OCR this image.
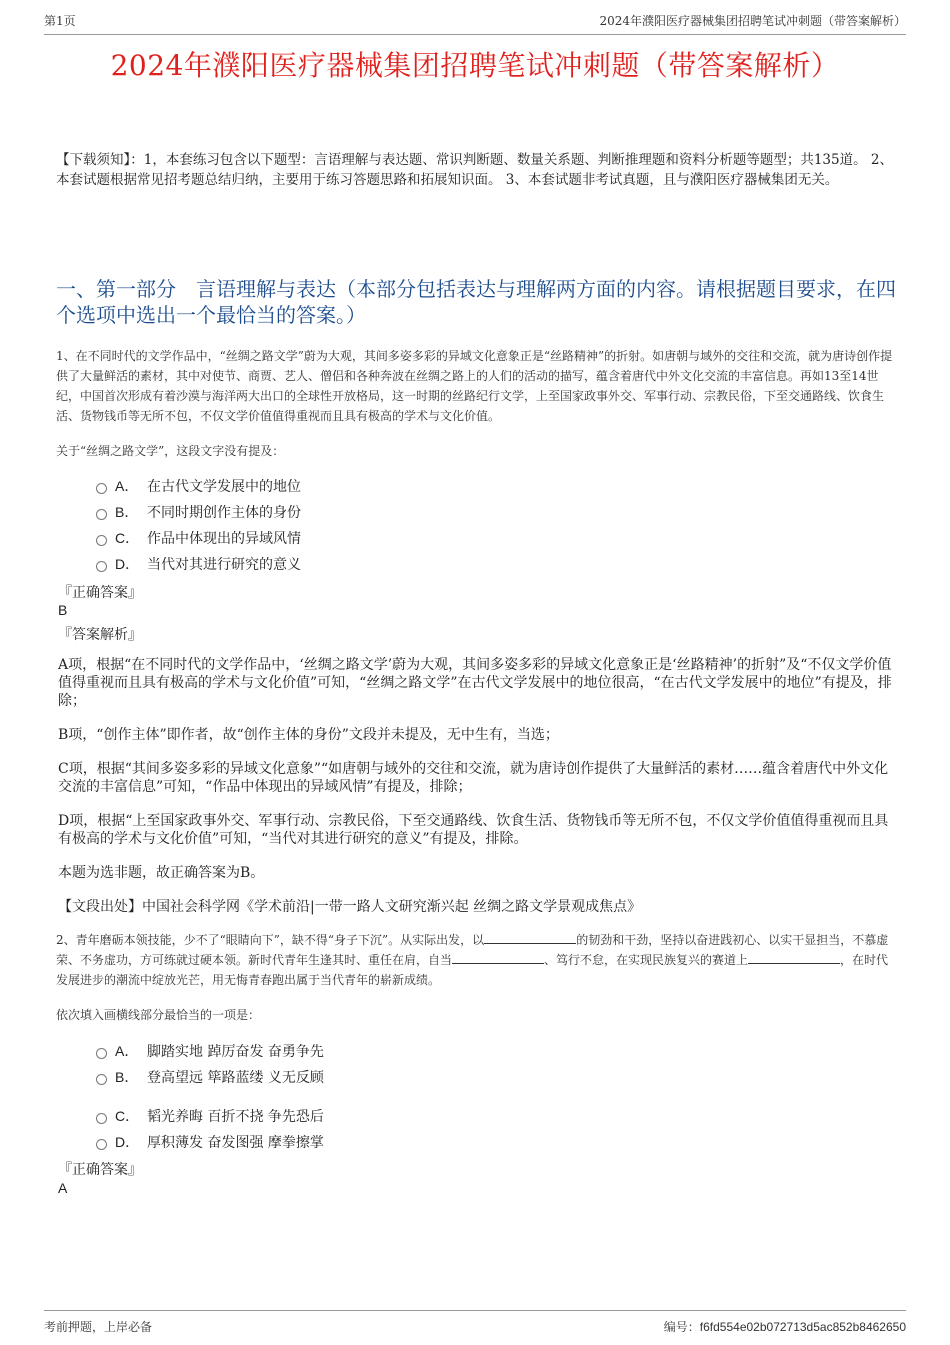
第1页	2024年濮阳医疗器械集团招聘笔试冲刺题（带答案解析）
2024年濮阳医疗器械集团招聘笔试冲刺题（带答案解析）
【下载须知】：1，本套练习包含以下题型：言语理解与表达题、常识判断题、数量关系题、判断推理题和资料分析题等题型；共135道。 2、本套试题根据常见招考题总结归纳，主要用于练习答题思路和拓展知识面。 3、本套试题非考试真题，且与濮阳医疗器械集团无关。
一、第一部分　言语理解与表达（本部分包括表达与理解两方面的内容。请根据题目要求，在四个选项中选出一个最恰当的答案。）
1、在不同时代的文学作品中，“丝绸之路文学”蔚为大观，其间多姿多彩的异域文化意象正是“丝路精神”的折射。如唐朝与域外的交往和交流，就为唐诗创作提供了大量鲜活的素材，其中对使节、商贾、艺人、僧侣和各种奔波在丝绸之路上的人们的活动的描写，蕴含着唐代中外文化交流的丰富信息。再如13至14世纪，中国首次形成有着沙漠与海洋两大出口的全球性开放格局，这一时期的丝路纪行文学，上至国家政事外交、军事行动、宗教民俗，下至交通路线、饮食生活、货物钱币等无所不包，不仅文学价值值得重视而且具有极高的学术与文化价值。
关于“丝绸之路文学”，这段文字没有提及：
A． 在古代文学发展中的地位
B． 不同时期创作主体的身份
C． 作品中体现出的异域风情
D． 当代对其进行研究的意义
『正确答案』
B
『答案解析』

A项，根据“在不同时代的文学作品中，‘丝绸之路文学’蔚为大观，其间多姿多彩的异域文化意象正是‘丝路精神’的折射”及“不仅文学价值值得重视而且具有极高的学术与文化价值”可知，“丝绸之路文学”在古代文学发展中的地位很高，“在古代文学发展中的地位”有提及，排除；

B项，“创作主体”即作者，故“创作主体的身份”文段并未提及，无中生有，当选；

C项，根据“其间多姿多彩的异域文化意象”“如唐朝与域外的交往和交流，就为唐诗创作提供了大量鲜活的素材……蕴含着唐代中外文化交流的丰富信息”可知，“作品中体现出的异域风情”有提及，排除；

D项，根据“上至国家政事外交、军事行动、宗教民俗，下至交通路线、饮食生活、货物钱币等无所不包，不仅文学价值值得重视而且具有极高的学术与文化价值”可知，“当代对其进行研究的意义”有提及，排除。

本题为选非题，故正确答案为B。

【文段出处】中国社会科学网《学术前沿|一带一路人文研究渐兴起 丝绸之路文学景观成焦点》

2、青年磨砺本领技能，少不了“眼睛向下”，缺不得“身子下沉”。从实际出发，以	的韧劲和干劲，坚持以奋进践初心、以实干显担当，不慕虚荣、不务虚功，方可练就过硬本领。新时代青年生逢其时、重任在肩，自当	、笃行不怠，在实现民族复兴的赛道上	，在时代发展进步的潮流中绽放光芒，用无悔青春跑出属于当代青年的崭新成绩。
依次填入画横线部分最恰当的一项是：
A． 脚踏实地 踔厉奋发 奋勇争先
B． 登高望远 筚路蓝缕 义无反顾
C． 韬光养晦 百折不挠 争先恐后
D． 厚积薄发 奋发图强 摩拳擦掌
『正确答案』
A
考前押题，上岸必备	编号：f6fd554e02b072713d5ac852b8462650
